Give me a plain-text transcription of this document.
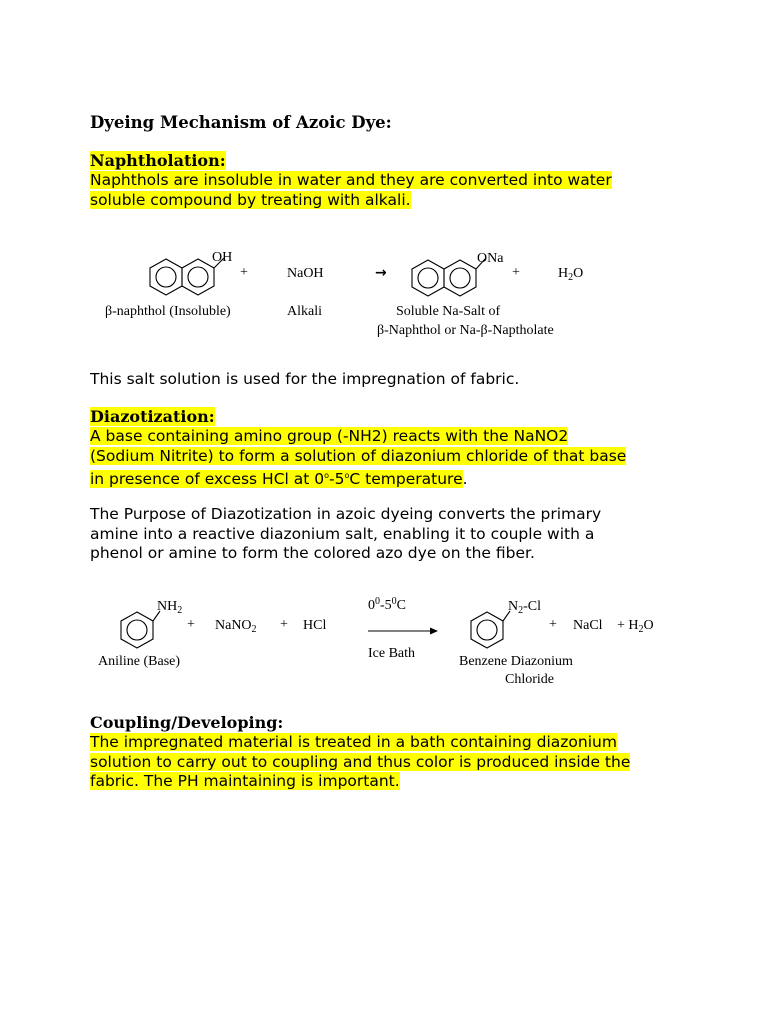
Dyeing Mechanism of Azoic Dye:

Naphtholation:

Naphthols are insoluble in water and they are converted into water
soluble compound by treating with alkali.

OH
+	NaOH	→
ONa
+	$H_2O$
β-naphthol (Insoluble)	Alkali	Soluble Na-Salt of
β-Naphthol or Na-β-Naptholate

This salt solution is used for the impregnation of fabric.

Diazotization:

A base containing amino group (-NH2) reacts with the NaNO2
(Sodium Nitrite) to form a solution of diazonium chloride of that base
in presence of excess HCl at 0$^o$-5$^o$C temperature.

The Purpose of Diazotization in azoic dyeing converts the primary
amine into a reactive diazonium salt, enabling it to couple with a
phenol or amine to form the colored azo dye on the fiber.

$NH_2$
+ NaNO$_2$ + HCl
$0^0-5^0C$
Ice Bath
$N_2-Cl$
+ NaCl + $H_2O$
Aniline (Base)	Benzene Diazonium
Chloride

Coupling/Developing:

The impregnated material is treated in a bath containing diazonium
solution to carry out to coupling and thus color is produced inside the
fabric. The PH maintaining is important.
